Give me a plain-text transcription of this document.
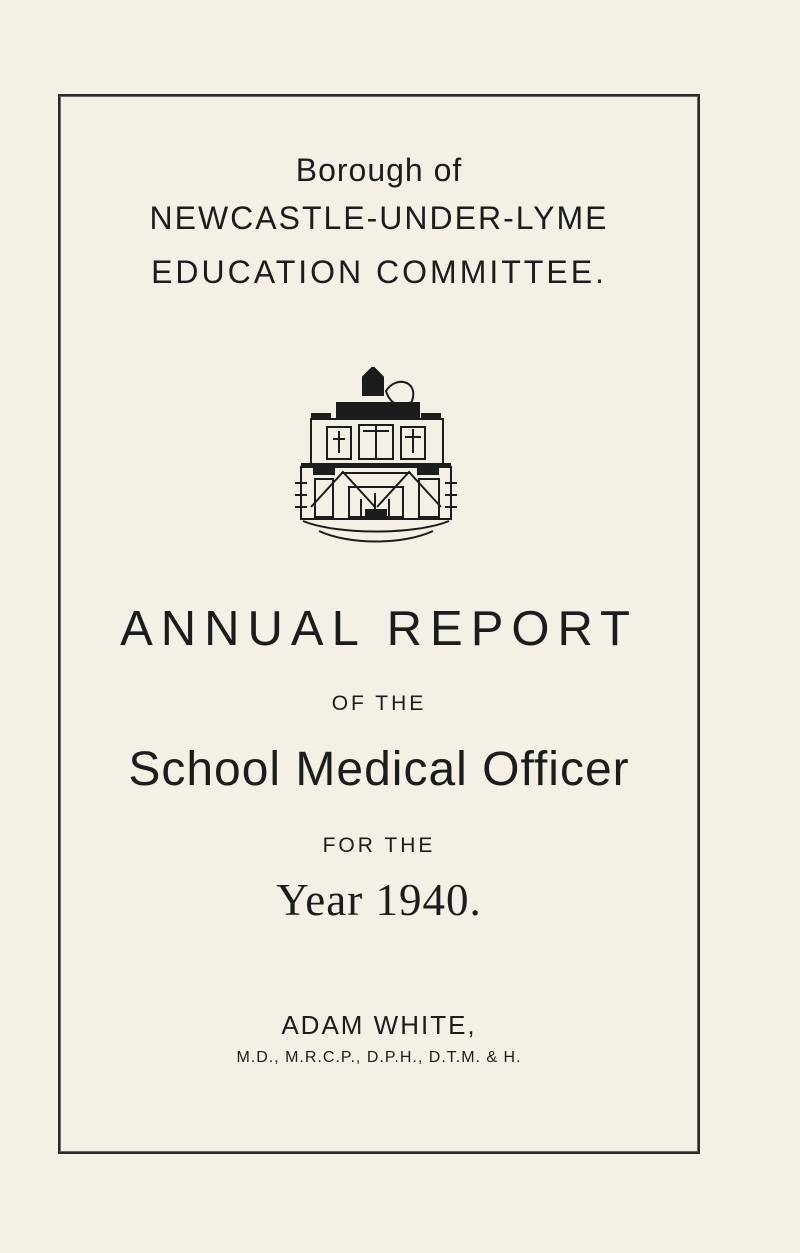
Borough of
NEWCASTLE-UNDER-LYME
EDUCATION COMMITTEE.
ANNUAL REPORT
OF THE
School Medical Officer
FOR THE
Year 1940.
ADAM WHITE,
M.D., M.R.C.P., D.P.H., D.T.M. & H.
